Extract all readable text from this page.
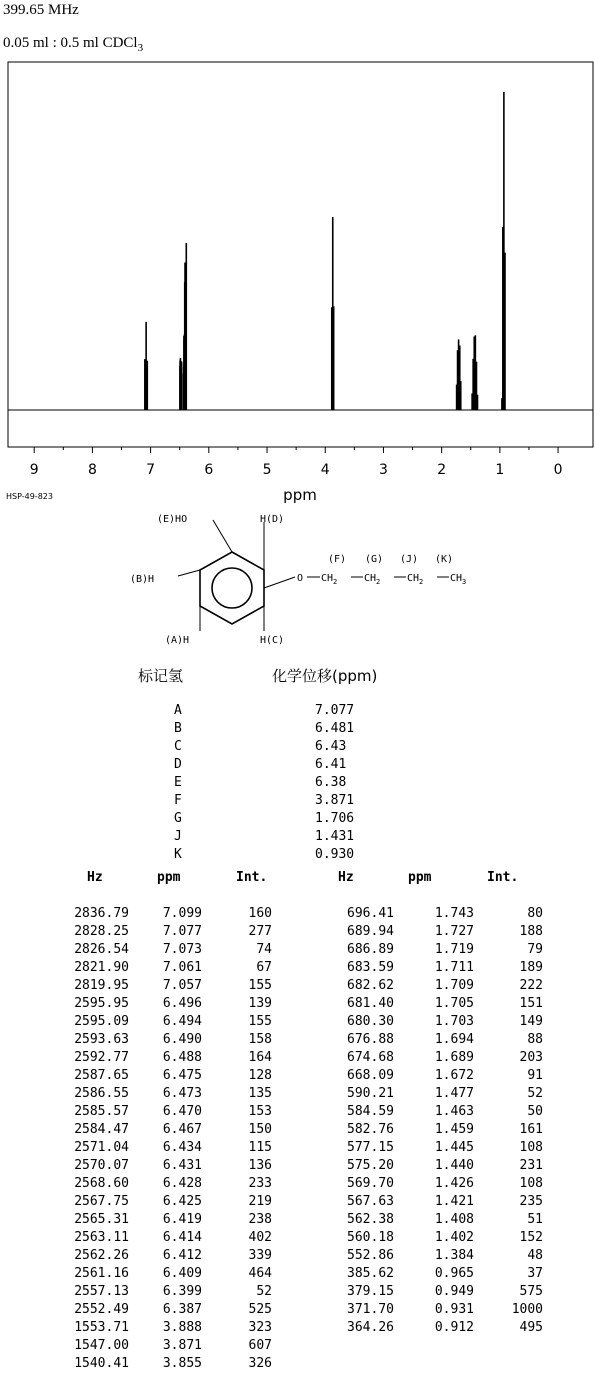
399.65 MHz
0.05 ml : 0.5 ml CDCl$_3$
9	8	7	6	5	4	3	2	1	0
ppm
HSP-49-823
(E)HO	H(D)
(B)H
(A)H	H(C)
(F) (G) (J) (K)
O $CH_2$	$CH_2$	$CH_2$	$CH_3$
标记氢	化学位移(ppm)
A	7.077
B	6.481
C	6.43
D	6.41
E	6.38
F	3.871
G	1.706
J	1.431
K	0.930
Hz	ppm	Int.	Hz	ppm	Int.
2836.79	7.099	160
2828.25	7.077	277
2826.54	7.073	74
2821.90	7.061	67
2819.95	7.057	155
2595.95	6.496	139
2595.09	6.494	155
2593.63	6.490	158
2592.77	6.488	164
2587.65	6.475	128
2586.55	6.473	135
2585.57	6.470	153
2584.47	6.467	150
2571.04	6.434	115
2570.07	6.431	136
2568.60	6.428	233
2567.75	6.425	219
2565.31	6.419	238
2563.11	6.414	402
2562.26	6.412	339
2561.16	6.409	464
2557.13	6.399	52
2552.49	6.387	525
1553.71	3.888	323
1547.00	3.871	607
1540.41	3.855	326
696.41	1.743	80
689.94	1.727	188
686.89	1.719	79
683.59	1.711	189
682.62	1.709	222
681.40	1.705	151
680.30	1.703	149
676.88	1.694	88
674.68	1.689	203
668.09	1.672	91
590.21	1.477	52
584.59	1.463	50
582.76	1.459	161
577.15	1.445	108
575.20	1.440	231
569.70	1.426	108
567.63	1.421	235
562.38	1.408	51
560.18	1.402	152
552.86	1.384	48
385.62	0.965	37
379.15	0.949	575
371.70	0.931	1000
364.26	0.912	495
